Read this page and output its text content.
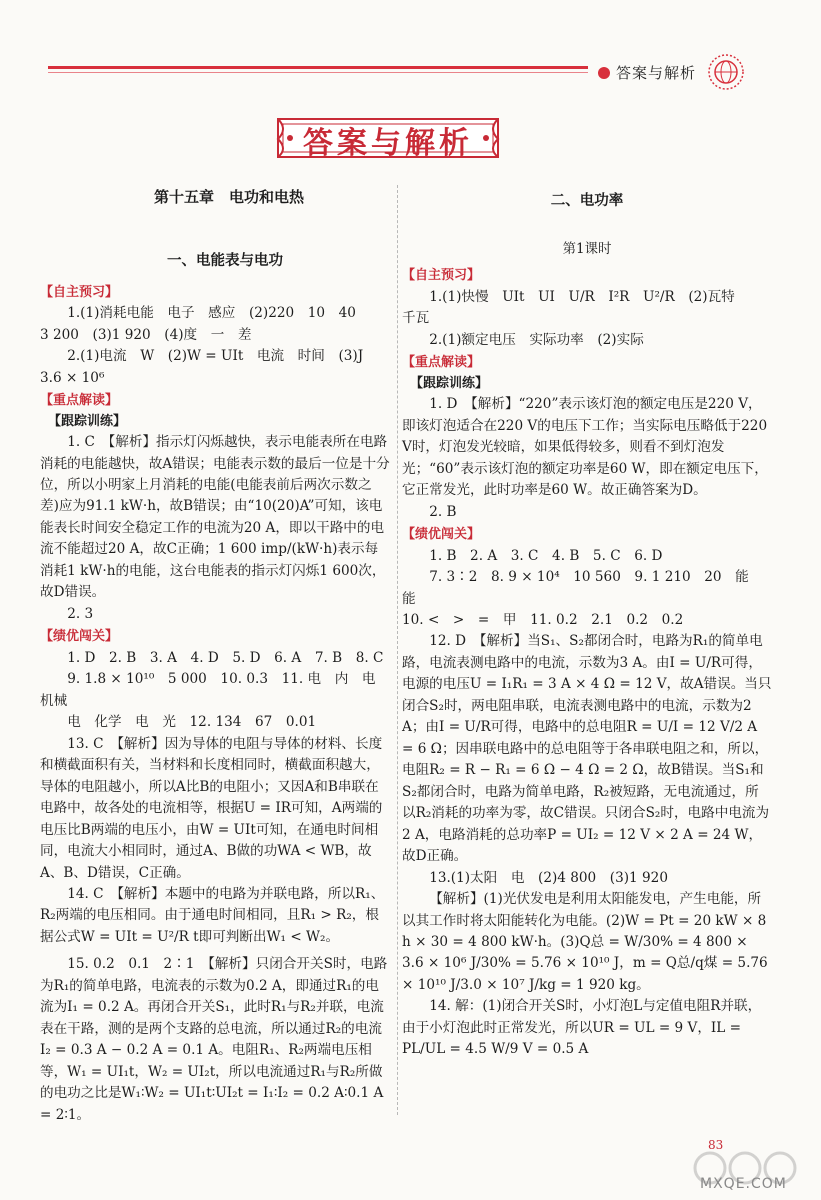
答案与解析
答案与解析
第十五章　电功和电热
一、电能表与电功
【自主预习】

1.(1)消耗电能　电子　感应　(2)220　10　40

3 200　(3)1 920　(4)度　一　差

2.(1)电流　W　(2)W = UIt　电流　时间　(3)J

3.6 × 10⁶

【重点解读】
【跟踪训练】

1. C　【解析】指示灯闪烁越快，表示电能表所在电路消耗的电能越快，故A错误；电能表示数的最后一位是十分位，所以小明家上月消耗的电能(电能表前后两次示数之差)应为91.1 kW·h，故B错误；由“10(20)A”可知，该电能表长时间安全稳定工作的电流为20 A，即以干路中的电流不能超过20 A，故C正确；1 600 imp/(kW·h)表示每消耗1 kW·h的电能，这台电能表的指示灯闪烁1 600次，故D错误。

2. 3

【绩优闯关】

1. D　2. B　3. A　4. D　5. D　6. A　7. B　8. C

9. 1.8 × 10¹⁰　5 000　10. 0.3　11. 电　内　电　机械

电　化学　电　光　12. 134　67　0.01

13. C　【解析】因为导体的电阻与导体的材料、长度和横截面积有关，当材料和长度相同时，横截面积越大，导体的电阻越小，所以A比B的电阻小；又因A和B串联在电路中，故各处的电流相等，根据U = IR可知，A两端的电压比B两端的电压小，由W = UIt可知，在通电时间相同，电流大小相同时，通过A、B做的功WA < WB，故A、B、D错误，C正确。

14. C　【解析】本题中的电路为并联电路，所以R₁、R₂两端的电压相同。由于通电时间相同，且R₁ > R₂，根据公式W = UIt = U²/R t即可判断出W₁ < W₂。

15. 0.2　0.1　2∶1　【解析】只闭合开关S时，电路为R₁的简单电路，电流表的示数为0.2 A，即通过R₁的电流为I₁ = 0.2 A。再闭合开关S₁，此时R₁与R₂并联，电流表在干路，测的是两个支路的总电流，所以通过R₂的电流I₂ = 0.3 A − 0.2 A = 0.1 A。电阻R₁、R₂两端电压相等，W₁ = UI₁t，W₂ = UI₂t，所以电流通过R₁与R₂所做的电功之比是W₁∶W₂ = UI₁t∶UI₂t = I₁∶I₂ = 0.2 A∶0.1 A = 2∶1。

二、电功率
第1课时
【自主预习】

1.(1)快慢　UIt　UI　U/R　I²R　U²/R　(2)瓦特

千瓦

2.(1)额定电压　实际功率　(2)实际

【重点解读】
【跟踪训练】

1. D　【解析】“220”表示该灯泡的额定电压是220 V，即该灯泡适合在220 V的电压下工作；当实际电压略低于220 V时，灯泡发光较暗，如果低得较多，则看不到灯泡发光；“60”表示该灯泡的额定功率是60 W，即在额定电压下，它正常发光，此时功率是60 W。故正确答案为D。

2. B

【绩优闯关】

1. B　2. A　3. C　4. B　5. C　6. D

7. 3∶2　8. 9 × 10⁴　10 560　9. 1 210　20　能　能

10. <　>　=　甲　11. 0.2　2.1　0.2　0.2

12. D　【解析】当S₁、S₂都闭合时，电路为R₁的简单电路，电流表测电路中的电流，示数为3 A。由I = U/R可得，电源的电压U = I₁R₁ = 3 A × 4 Ω = 12 V，故A错误。当只闭合S₂时，两电阻串联，电流表测电路中的电流，示数为2 A；由I = U/R可得，电路中的总电阻R = U/I = 12 V/2 A = 6 Ω；因串联电路中的总电阻等于各串联电阻之和，所以，电阻R₂ = R − R₁ = 6 Ω − 4 Ω = 2 Ω，故B错误。当S₁和S₂都闭合时，电路为简单电路，R₂被短路，无电流通过，所以R₂消耗的功率为零，故C错误。只闭合S₂时，电路中电流为2 A，电路消耗的总功率P = UI₂ = 12 V × 2 A = 24 W，故D正确。

13.(1)太阳　电　(2)4 800　(3)1 920

【解析】(1)光伏发电是利用太阳能发电，产生电能，所以其工作时将太阳能转化为电能。(2)W = Pt = 20 kW × 8 h × 30 = 4 800 kW·h。(3)Q总 = W/30% = 4 800 × 3.6 × 10⁶ J/30% = 5.76 × 10¹⁰ J，m = Q总/q煤 = 5.76 × 10¹⁰ J/3.0 × 10⁷ J/kg = 1 920 kg。

14. 解：(1)闭合开关S时，小灯泡L与定值电阻R并联，由于小灯泡此时正常发光，所以UR = UL = 9 V，IL = PL/UL = 4.5 W/9 V = 0.5 A

83
MXQE.COM
